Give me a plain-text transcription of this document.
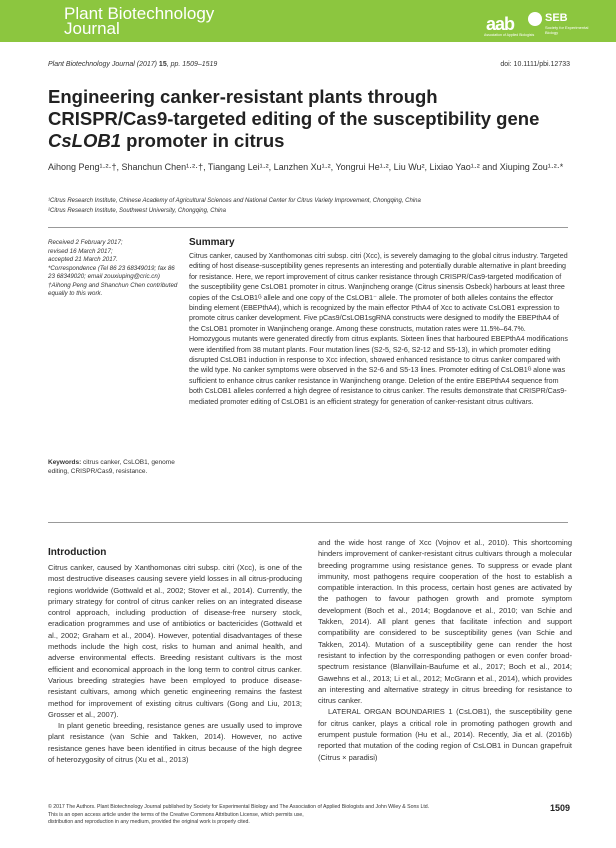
Plant Biotechnology
Journal	aab
Association of Applied Biologists
SEB
Society for Experimental Biology
Plant Biotechnology Journal (2017) 15, pp. 1509–1519	doi: 10.1111/pbi.12733
Engineering canker-resistant plants through CRISPR/Cas9-targeted editing of the susceptibility gene CsLOB1 promoter in citrus
Aihong Peng¹·²·†, Shanchun Chen¹·²·†, Tiangang Lei¹·², Lanzhen Xu¹·², Yongrui He¹·², Liu Wu², Lixiao Yao¹·² and Xiuping Zou¹·²·*
¹Citrus Research Institute, Chinese Academy of Agricultural Sciences and National Center for Citrus Variety Improvement, Chongqing, China
²Citrus Research Institute, Southwest University, Chongqing, China
Received 2 February 2017;
revised 16 March 2017;
accepted 21 March 2017.
*Correspondence (Tel 86 23 68349019; fax 86 23 68349020; email zouxiuping@cric.cn)
†Aihong Peng and Shanchun Chen contributed equally to this work.
Keywords: citrus canker, CsLOB1, genome editing, CRISPR/Cas9, resistance.
Summary
Citrus canker, caused by Xanthomonas citri subsp. citri (Xcc), is severely damaging to the global citrus industry. Targeted editing of host disease-susceptibility genes represents an interesting and potentially durable alternative in plant breeding for resistance. Here, we report improvement of citrus canker resistance through CRISPR/Cas9-targeted modification of the susceptibility gene CsLOB1 promoter in citrus. Wanjincheng orange (Citrus sinensis Osbeck) harbours at least three copies of the CsLOB1ᴳ allele and one copy of the CsLOB1⁻ allele. The promoter of both alleles contains the effector binding element (EBEPthA4), which is recognized by the main effector PthA4 of Xcc to activate CsLOB1 expression to promote citrus canker development. Five pCas9/CsLOB1sgRNA constructs were designed to modify the EBEPthA4 of the CsLOB1 promoter in Wanjincheng orange. Among these constructs, mutation rates were 11.5%–64.7%. Homozygous mutants were generated directly from citrus explants. Sixteen lines that harboured EBEPthA4 modifications were identified from 38 mutant plants. Four mutation lines (S2-5, S2-6, S2-12 and S5-13), in which promoter editing disrupted CsLOB1 induction in response to Xcc infection, showed enhanced resistance to citrus canker compared with the wild type. No canker symptoms were observed in the S2-6 and S5-13 lines. Promoter editing of CsLOB1ᴳ alone was sufficient to enhance citrus canker resistance in Wanjincheng orange. Deletion of the entire EBEPthA4 sequence from both CsLOB1 alleles conferred a high degree of resistance to citrus canker. The results demonstrate that CRISPR/Cas9-mediated promoter editing of CsLOB1 is an efficient strategy for generation of canker-resistant citrus cultivars.
Introduction

Citrus canker, caused by Xanthomonas citri subsp. citri (Xcc), is one of the most destructive diseases causing severe yield losses in all citrus-producing regions worldwide (Gottwald et al., 2002; Stover et al., 2014). Currently, the primary strategy for control of citrus canker relies on an integrated disease control approach, including production of disease-free nursery stock, eradication programmes and use of antibiotics or bactericides (Gottwald et al., 2002; Graham et al., 2004). However, potential disadvantages of these methods include the high cost, risks to human and animal health, and adverse environmental effects. Breeding resistant cultivars is the most efficient and economical approach in the long term to control citrus canker. Various breeding strategies have been employed to produce disease-resistant cultivars, among which genetic engineering remains the fastest method for improvement of existing citrus cultivars (Gong and Liu, 2013; Grosser et al., 2007).

In plant genetic breeding, resistance genes are usually used to improve plant resistance (van Schie and Takken, 2014). However, no active resistance genes have been identified in citrus because of the high degree of heterozygosity of citrus (Xu et al., 2013)

and the wide host range of Xcc (Vojnov et al., 2010). This shortcoming hinders improvement of canker-resistant citrus cultivars through a molecular breeding programme using resistance genes. To suppress or evade plant immunity, most pathogens require cooperation of the host to establish a compatible interaction. In this process, certain host genes are activated by the pathogen to favour pathogen growth and promote symptom development (Boch et al., 2014; Bogdanove et al., 2010; van Schie and Takken, 2014). All plant genes that facilitate infection and support compatibility are considered to be susceptibility genes (van Schie and Takken, 2014). Mutation of a susceptibility gene can render the host resistant to infection by the corresponding pathogen or even confer broad-spectrum resistance (Blanvillain-Baufume et al., 2017; Boch et al., 2014; Gawehns et al., 2013; Li et al., 2012; McGrann et al., 2014), which provides an interesting and alternative strategy in citrus breeding for resistance to citrus canker.

LATERAL ORGAN BOUNDARIES 1 (CsLOB1), the susceptibility gene for citrus canker, plays a critical role in promoting pathogen growth and erumpent pustule formation (Hu et al., 2014). Recently, Jia et al. (2016b) reported that mutation of the coding region of CsLOB1 in Duncan grapefruit (Citrus × paradisi)

© 2017 The Authors. Plant Biotechnology Journal published by Society for Experimental Biology and The Association of Applied Biologists and John Wiley & Sons Ltd.
This is an open access article under the terms of the Creative Commons Attribution License, which permits use,
distribution and reproduction in any medium, provided the original work is properly cited.
1509
